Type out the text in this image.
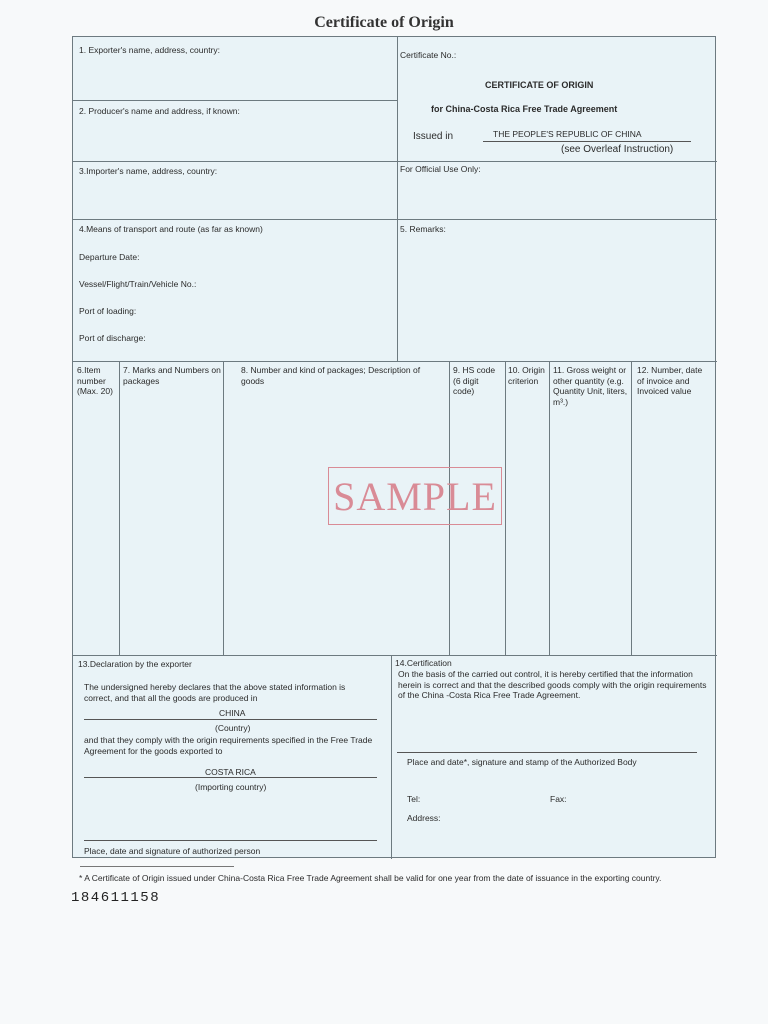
Certificate of Origin
1. Exporter's name, address, country:
2. Producer's name and address, if known:
Certificate No.:
CERTIFICATE OF ORIGIN
for China-Costa Rica Free Trade Agreement
Issued in	THE PEOPLE'S REPUBLIC OF CHINA
(see Overleaf Instruction)
3.Importer's name, address, country:	For Official Use Only:
4.Means of transport and route (as far as known)
Departure Date:
Vessel/Flight/Train/Vehicle No.:
Port of loading:
Port of discharge:
5. Remarks:
6.Item number (Max. 20)
7. Marks and Numbers on packages
8. Number and kind of packages; Description of goods
9. HS code (6 digit code)
10. Origin criterion
11. Gross weight or other quantity (e.g. Quantity Unit, liters, m³.)
12. Number, date of invoice and Invoiced value
SAMPLE
13.Declaration by the exporter
The undersigned hereby declares that the above stated information is correct, and that all the goods are produced in
CHINA
(Country)
and that they comply with the origin requirements specified in the Free Trade Agreement for the goods exported to
COSTA RICA
(Importing country)
Place, date and signature of authorized person
14.Certification
On the basis of the carried out control, it is hereby certified that the information herein is correct and that the described goods comply with the origin requirements of the China -Costa Rica Free Trade Agreement.
Place and date*, signature and stamp of the Authorized Body
Tel:	Fax:
Address:
* A Certificate of Origin issued under China-Costa Rica Free Trade Agreement shall be valid for one year from the date of issuance in the exporting country.
184611158
